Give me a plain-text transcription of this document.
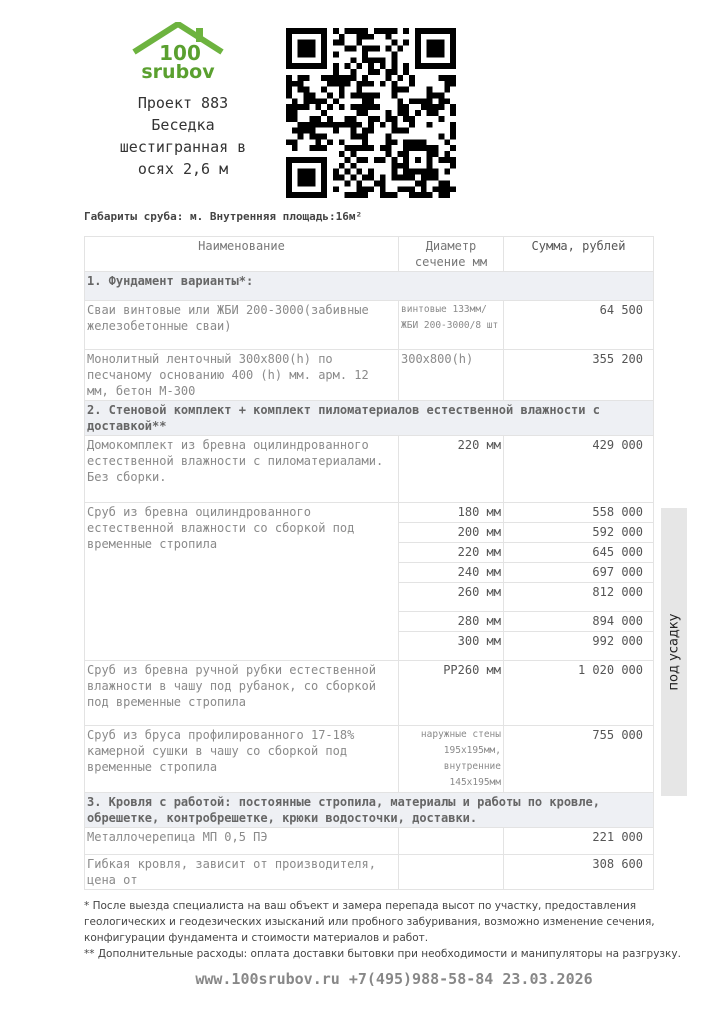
100
srubov
Проект 883
Беседка
шестигранная в
осях 2,6 м
Габариты сруба: м. Внутренняя площадь:16м²
Наименование	Диаметр сечение мм	Сумма, рублей
1. Фундамент варианты*:		
Сваи винтовые или ЖБИ 200-3000(забивные железобетонные сваи)	винтовые 133мм/ЖБИ 200-3000/8 шт	64 500
Монолитный ленточный 300х800(h) по песчаному основанию 400 (h) мм. арм. 12 мм, бетон М-300	300х800(h)	355 200
2. Стеновой комплект + комплект пиломатериалов естественной влажности с доставкой**		
Домокомплект из бревна оцилиндрованного естественной влажности с пиломатериалами. Без сборки.	220 мм	429 000
Сруб из бревна оцилиндрованного естественной влажности со сборкой под временные стропила	180 мм	558 000
	200 мм	592 000
	220 мм	645 000
	240 мм	697 000
	260 мм	812 000
	280 мм	894 000
	300 мм	992 000
Сруб из бревна ручной рубки естественной влажности в чашу под рубанок, со сборкой под временные стропила	РР260 мм	1 020 000
Сруб из бруса профилированного 17-18% камерной сушки в чашу со сборкой под временные стропила	наружные стены
195х195мм,
внутренние
145х195мм	755 000
3. Кровля с работой: постоянные стропила, материалы и работы по кровле, обрешетке, контробрешетке, крюки водосточки, доставки.		
Металлочерепица МП 0,5 ПЭ		221 000
Гибкая кровля, зависит от производителя, цена от		308 600
под усадку

* После выезда специалиста на ваш объект и замера перепада высот по участку, предоставления геологических и геодезических изысканий или пробного забуривания, возможно изменение сечения, конфигурации фундамента и стоимости материалов и работ.

** Дополнительные расходы: оплата доставки бытовки при необходимости и манипуляторы на разгрузку.

www.100srubov.ru +7(495)988-58-84 23.03.2026
